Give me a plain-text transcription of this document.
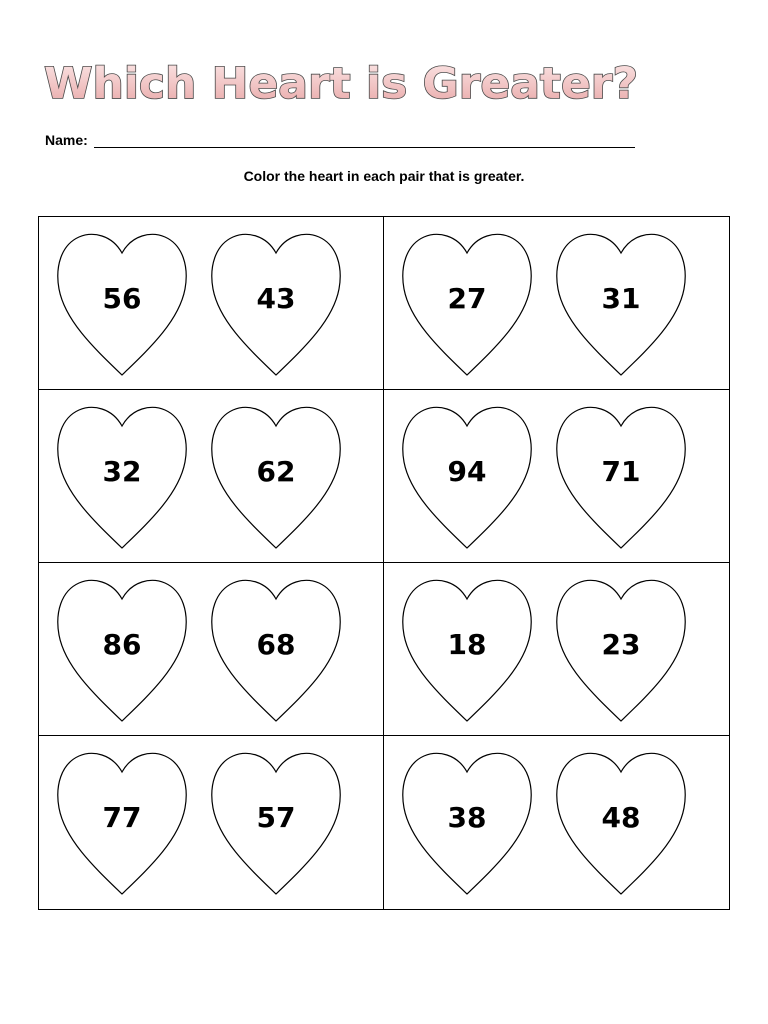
Which Heart is Greater?
Name:
Color the heart in each pair that is greater.
56	43	27	31
32	62	94	71
86	68	18	23
77	57	38	48
